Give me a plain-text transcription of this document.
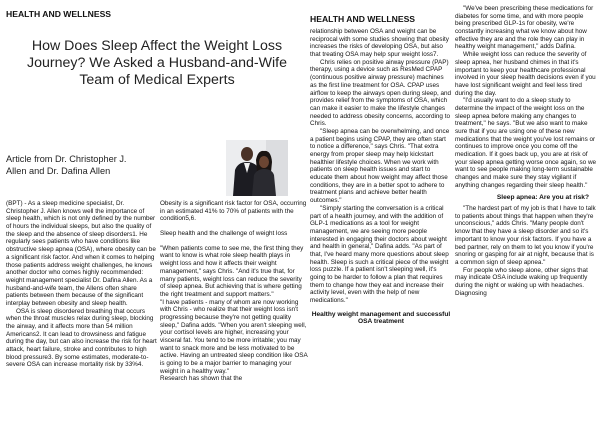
HEALTH AND WELLNESS
How Does Sleep Affect the Weight Loss Journey? We Asked a Husband-and-Wife Team of Medical Experts
Article from Dr. Christopher J. Allen and Dr. Dafina Allen

(BPT) - As a sleep medicine specialist, Dr. Christopher J. Allen knows well the importance of sleep health, which is not only defined by the number of hours the individual sleeps, but also the quality of the sleep and the absence of sleep disorders1. He regularly sees patients who have conditions like obstructive sleep apnea (OSA), where obesity can be a significant risk factor. And when it comes to helping those patients address weight challenges, he knows another doctor who comes highly recommended: weight management specialist Dr. Dafina Allen. As a husband-and-wife team, the Allens often share patients between them because of the significant interplay between obesity and sleep health.

OSA is sleep disordered breathing that occurs when the throat muscles relax during sleep, blocking the airway, and it affects more than 54 million Americans2. It can lead to drowsiness and fatigue during the day, but can also increase the risk for heart attack, heart failure, stroke and contributes to high blood pressure3. By some estimates, moderate-to-severe OSA can increase mortality risk by 33%4.

Obesity is a significant risk factor for OSA, occurring in an estimated 41% to 70% of patients with the condition5,6.

Sleep health and the challenge of weight loss

"When patients come to see me, the first thing they want to know is what role sleep health plays in weight loss and how it affects their weight management," says Chris. "And it's true that, for many patients, weight loss can reduce the severity of sleep apnea. But achieving that is where getting the right treatment and support matters."

"I have patients - many of whom are now working with Chris - who realize that their weight loss isn't progressing because they're not getting quality sleep," Dafina adds. "When you aren't sleeping well, your cortisol levels are higher, increasing your visceral fat. You tend to be more irritable; you may want to snack more and be less motivated to be active. Having an untreated sleep condition like OSA is going to be a major barrier to managing your weight in a healthy way."

Research has shown that the

HEALTH AND WELLNESS

relationship between OSA and weight can be reciprocal with some studies showing that obesity increases the risks of developing OSA, but also that treating OSA may help spur weight loss7.

Chris relies on positive airway pressure (PAP) therapy, using a device such as ResMed CPAP (continuous positive airway pressure) machines as the first line treatment for OSA. CPAP uses airflow to keep the airways open during sleep, and provides relief from the symptoms of OSA, which can make it easier to make the lifestyle changes needed to address obesity concerns, according to Chris.

"Sleep apnea can be overwhelming, and once a patient begins using CPAP, they are often start to notice a difference," says Chris. "That extra energy from proper sleep may help kickstart healthier lifestyle choices. When we work with patients on sleep health issues and start to educate them about how weight may affect those conditions, they are in a better spot to adhere to treatment plans and achieve better health outcomes."

"Simply starting the conversation is a critical part of a health journey, and with the addition of GLP-1 medications as a tool for weight management, we are seeing more people interested in engaging their doctors about weight and health in general," Dafina adds. "As part of that, I've heard many more questions about sleep health. Sleep is such a critical piece of the weight loss puzzle. If a patient isn't sleeping well, it's going to be harder to follow a plan that requires them to change how they eat and increase their activity level, even with the help of new medications."

Healthy weight management and successful OSA treatment

"We've been prescribing these medications for diabetes for some time, and with more people being prescribed GLP-1s for obesity, we're constantly increasing what we know about how effective they are and the role they can play in healthy weight management," adds Dafina.

While weight loss can reduce the severity of sleep apnea, her husband chimes in that it's important to keep your healthcare professional involved in your sleep health decisions even if you have lost significant weight and feel less tired during the day.

"I'd usually want to do a sleep study to determine the impact of the weight loss on the sleep apnea before making any changes to treatment," he says. "But we also want to make sure that if you are using one of these new medications that the weight you've lost remains or continues to improve once you come off the medication. If it goes back up, you are at risk of your sleep apnea getting worse once again, so we want to see people making long-term sustainable changes and make sure they stay vigilant if anything changes regarding their sleep health."

Sleep apnea: Are you at risk?

"The hardest part of my job is that I have to talk to patients about things that happen when they're unconscious," adds Chris. "Many people don't know that they have a sleep disorder and so it's important to know your risk factors. If you have a bed partner, rely on them to let you know if you're snoring or gasping for air at night, because that is a common sign of sleep apnea."

For people who sleep alone, other signs that may indicate OSA include waking up frequently during the night or waking up with headaches. Diagnosing
